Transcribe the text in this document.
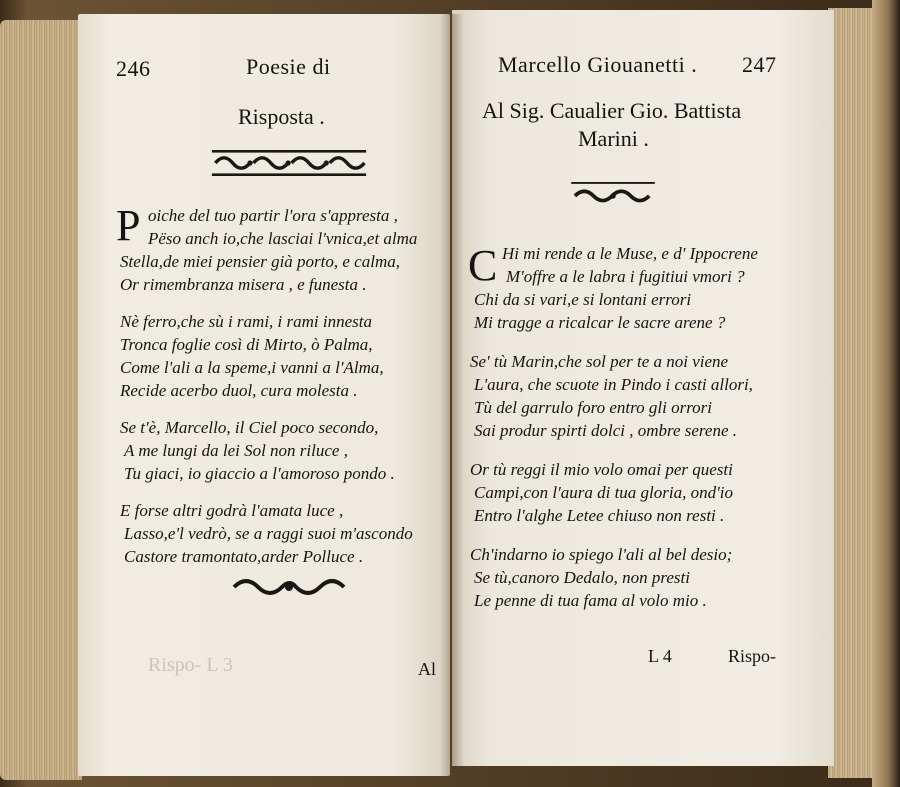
246	Poesie di
Risposta .
P oiche del tuo partir l'ora s'appresta ,
Pëso anch io,che lasciai l'vnica,et alma
Stella,de miei pensier già porto, e calma,
Or rimembranza misera , e funesta .
Nè ferro,che sù i rami, i rami innesta
Tronca foglie così di Mirto, ò Palma,
Come l'ali a la speme,i vanni a l'Alma,
Recide acerbo duol, cura molesta .
Se t'è, Marcello, il Ciel poco secondo,
A me lungi da lei Sol non riluce ,
Tu giaci, io giaccio a l'amoroso pondo .
E forse altri godrà l'amata luce ,
Lasso,e'l vedrò, se a raggi suoi m'ascondo
Castore tramontato,arder Polluce .
Rispo- L 3	Al
Marcello Giouanetti . 247
Al Sig. Caualier Gio. Battista
Marini .
C Hi mi rende a le Muse, e d' Ippocrene
M'offre a le labra i fugitiui vmori ?
Chi da si vari,e si lontani errori
Mi tragge a ricalcar le sacre arene ?
Se' tù Marin,che sol per te a noi viene
L'aura, che scuote in Pindo i casti allori,
Tù del garrulo foro entro gli orrori
Sai produr spirti dolci , ombre serene .
Or tù reggi il mio volo omai per questi
Campi,con l'aura di tua gloria, ond'io
Entro l'alghe Letee chiuso non resti .
Ch'indarno io spiego l'ali al bel desio;
Se tù,canoro Dedalo, non presti
Le penne di tua fama al volo mio .
L 4	Rispo-
